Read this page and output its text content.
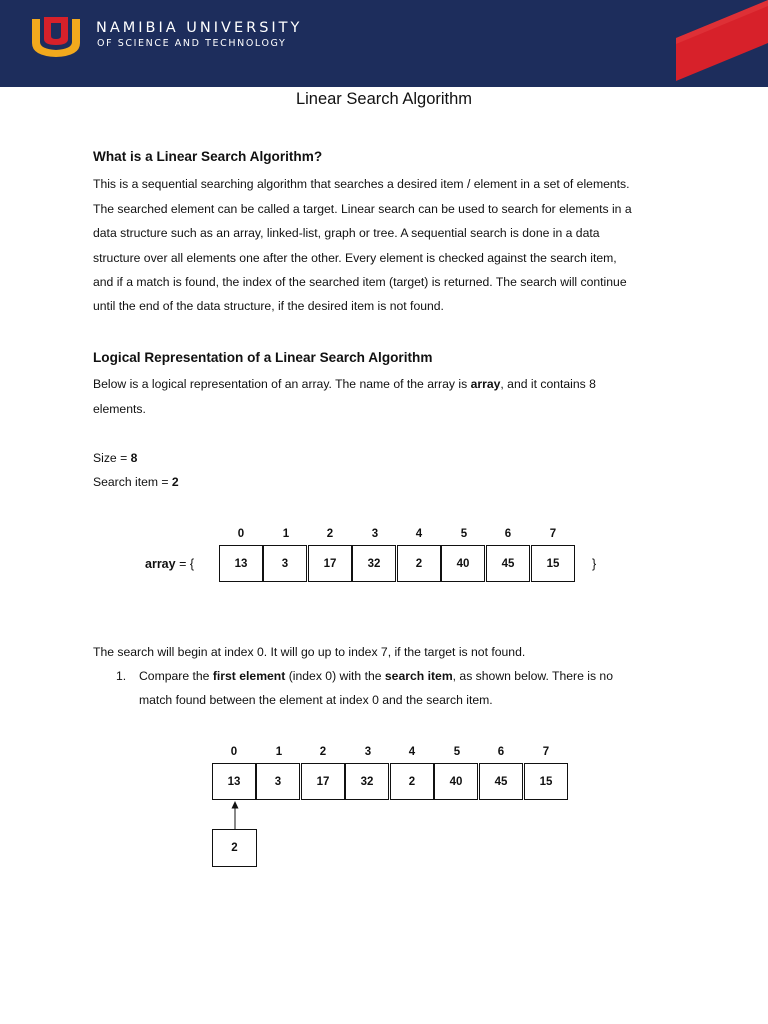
NAMIBIA UNIVERSITY
OF SCIENCE AND TECHNOLOGY
Linear Search Algorithm
What is a Linear Search Algorithm?
This is a sequential searching algorithm that searches a desired item / element in a set of elements.
The searched element can be called a target. Linear search can be used to search for elements in a
data structure such as an array, linked-list, graph or tree. A sequential search is done in a data
structure over all elements one after the other. Every element is checked against the search item,
and if a match is found, the index of the searched item (target) is returned. The search will continue
until the end of the data structure, if the desired item is not found.
Logical Representation of a Linear Search Algorithm
Below is a logical representation of an array. The name of the array is array, and it contains 8
elements.
Size = 8
Search item = 2
array = {	}
0	1	2	3	4	5	6	7
13	3	17	32	2	40	45	15
The search will begin at index 0. It will go up to index 7, if the target is not found.
1. Compare the first element (index 0) with the search item, as shown below. There is no
match found between the element at index 0 and the search item.
0	1	2	3	4	5	6	7
13	3	17	32	2	40	45	15
2
